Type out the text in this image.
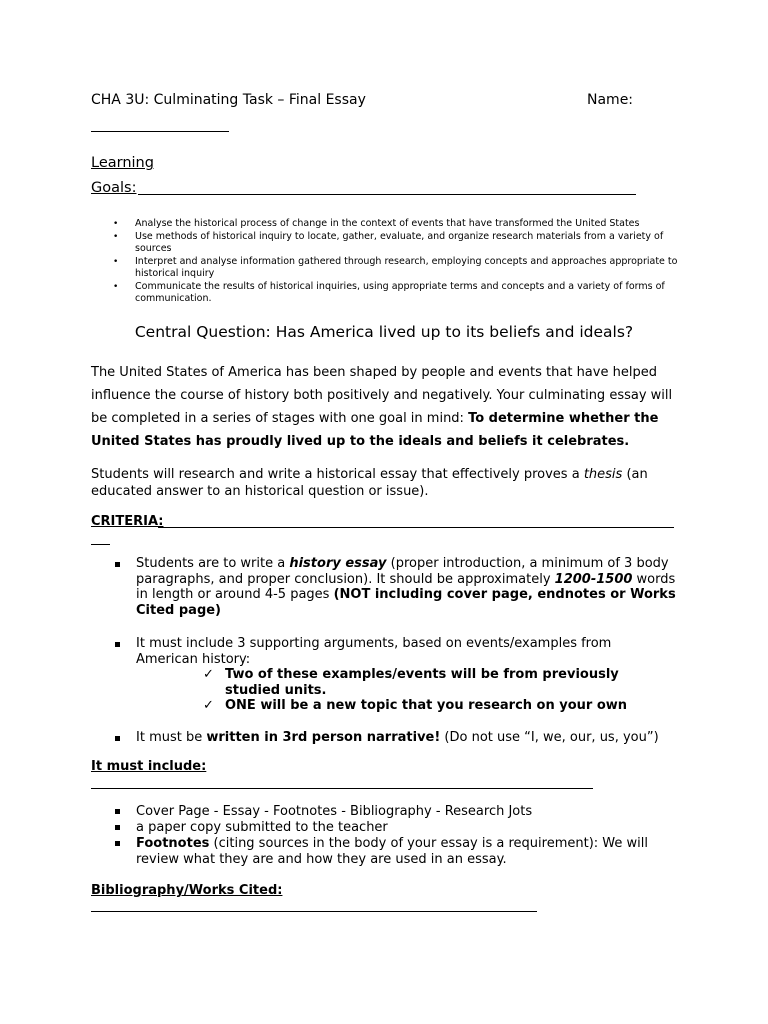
CHA 3U: Culminating Task – Final Essay	Name:
Learning
Goals:
• Analyse the historical process of change in the context of events that have transformed the United States
• Use methods of historical inquiry to locate, gather, evaluate, and organize research materials from a variety of sources
• Interpret and analyse information gathered through research, employing concepts and approaches appropriate to historical inquiry
• Communicate the results of historical inquiries, using appropriate terms and concepts and a variety of forms of communication.
Central Question: Has America lived up to its beliefs and ideals?
The United States of America has been shaped by people and events that have helped influence the course of history both positively and negatively. Your culminating essay will be completed in a series of stages with one goal in mind: To determine whether the United States has proudly lived up to the ideals and beliefs it celebrates.
Students will research and write a historical essay that effectively proves a thesis (an educated answer to an historical question or issue).
CRITERIA:
Students are to write a history essay (proper introduction, a minimum of 3 body paragraphs, and proper conclusion). It should be approximately 1200-1500 words in length or around 4-5 pages (NOT including cover page, endnotes or Works Cited page)
It must include 3 supporting arguments, based on events/examples from American history:
✓ Two of these examples/events will be from previously studied units.
✓ ONE will be a new topic that you research on your own
It must be written in 3rd person narrative! (Do not use “I, we, our, us, you”)
It must include:
Cover Page - Essay - Footnotes - Bibliography - Research Jots
a paper copy submitted to the teacher
Footnotes (citing sources in the body of your essay is a requirement): We will review what they are and how they are used in an essay.
Bibliography/Works Cited:
